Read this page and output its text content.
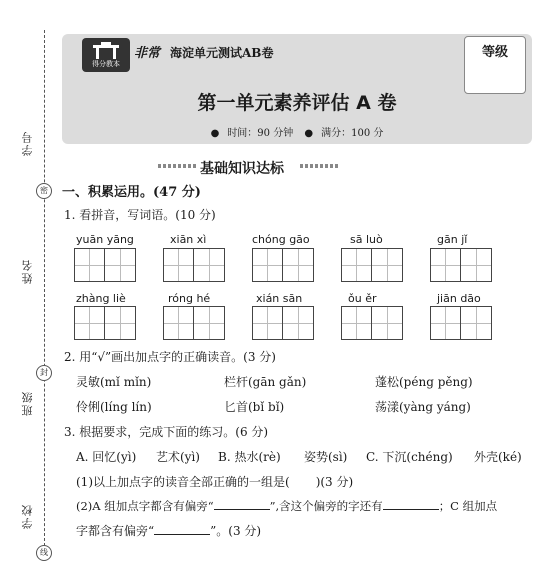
学号
姓名
班级
学校
密
封
线
得分教本
非常 海淀单元测试AB卷	等级
第一单元素养评估 A 卷
● 时间：90 分钟 ● 满分：100 分
基础知识达标
一、积累运用。(47 分)
1. 看拼音，写词语。(10 分)
yuān yāng	xiān xì	chóng gāo	sā luò	gān jǐ
zhàng liè	róng hé	xián sān	ǒu ěr	jiān dāo
2. 用“√”画出加点字的正确读音。(3 分)
灵敏(mǐ mǐn)	栏杆(gān gǎn)	蓬松(péng pěng)
伶俐(líng lín)	匕首(bǐ bǐ)	荡漾(yàng yáng)
3. 根据要求，完成下面的练习。(6 分)
A. 回忆(yì) 艺术(yì) B. 热水(rè) 姿势(sì) C. 下沉(chéng) 外壳(ké)
(1)以上加点字的读音全部正确的一组是( )(3 分)
(2)A 组加点字都含有偏旁“	”,含这个偏旁的字还有	；C 组加点
字都含有偏旁“	”。(3 分)
